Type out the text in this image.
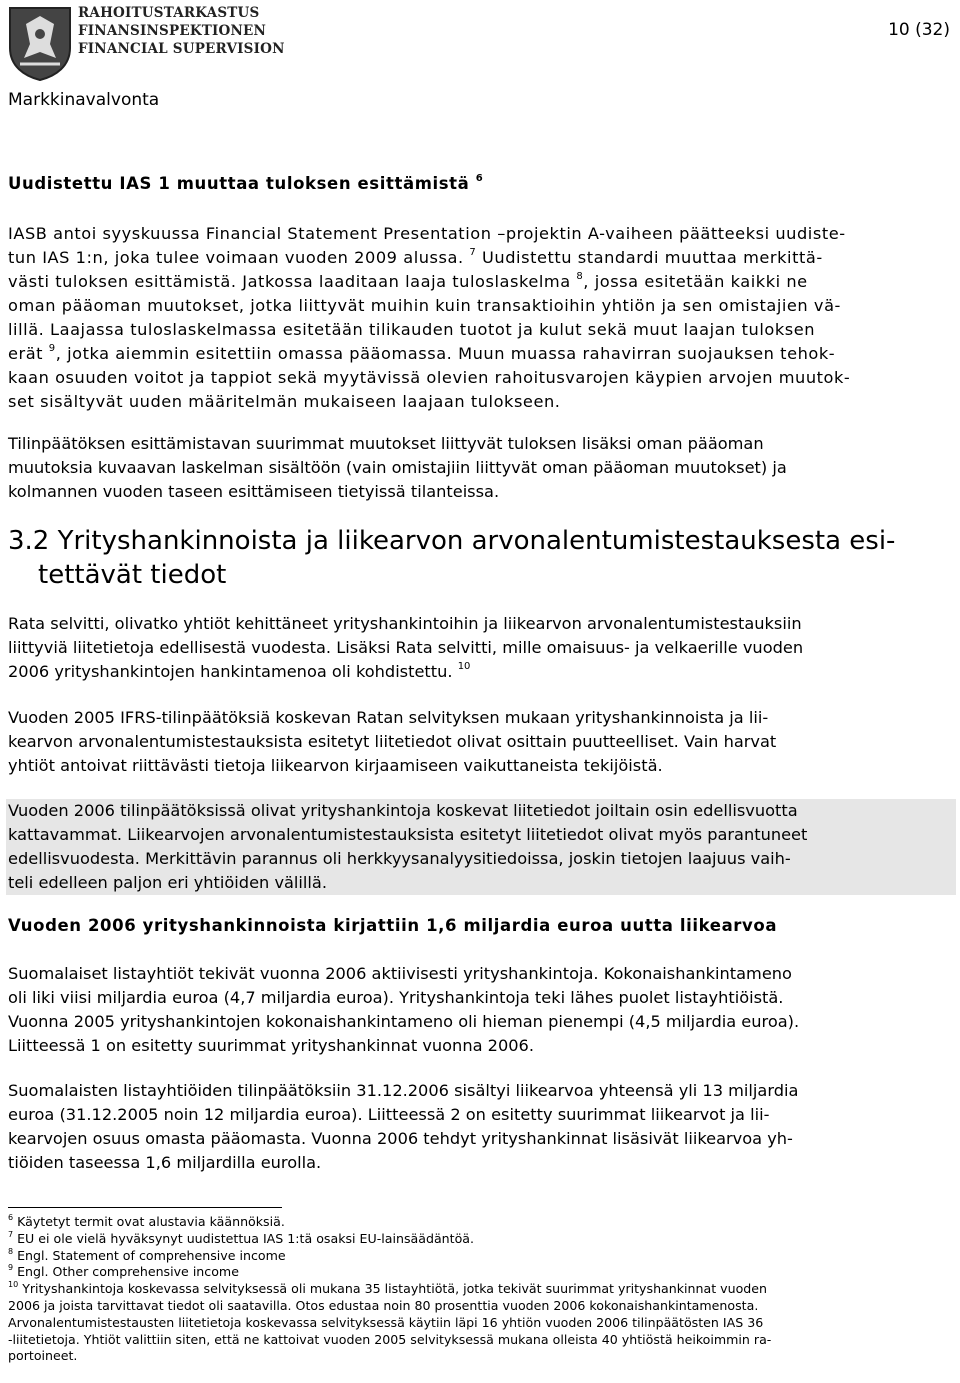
RAHOITUSTARKASTUS
FINANSINSPEKTIONEN
FINANCIAL SUPERVISION
10 (32)
Markkinavalvonta
Uudistettu IAS 1 muuttaa tuloksen esittämistä $^6$

IASB antoi syyskuussa Financial Statement Presentation –projektin A-vaiheen päätteeksi uudiste-
tun IAS 1:n, joka tulee voimaan vuoden 2009 alussa. $^7$ Uudistettu standardi muuttaa merkittä-
västi tuloksen esittämistä. Jatkossa laaditaan laaja tuloslaskelma $^8$, jossa esitetään kaikki ne
oman pääoman muutokset, jotka liittyvät muihin kuin transaktioihin yhtiön ja sen omistajien vä-
lillä. Laajassa tuloslaskelmassa esitetään tilikauden tuotot ja kulut sekä muut laajan tuloksen
erät $^9$, jotka aiemmin esitettiin omassa pääomassa. Muun muassa rahavirran suojauksen tehok-
kaan osuuden voitot ja tappiot sekä myytävissä olevien rahoitusvarojen käypien arvojen muutok-
set sisältyvät uuden määritelmän mukaiseen laajaan tulokseen.

Tilinpäätöksen esittämistavan suurimmat muutokset liittyvät tuloksen lisäksi oman pääoman
muutoksia kuvaavan laskelman sisältöön (vain omistajiin liittyvät oman pääoman muutokset) ja
kolmannen vuoden taseen esittämiseen tietyissä tilanteissa.

3.2 Yrityshankinnoista ja liikearvon arvonalentumistestauksesta esi-
tettävät tiedot

Rata selvitti, olivatko yhtiöt kehittäneet yrityshankintoihin ja liikearvon arvonalentumistestauksiin
liittyviä liitetietoja edellisestä vuodesta. Lisäksi Rata selvitti, mille omaisuus- ja velkaerille vuoden
2006 yrityshankintojen hankintamenoa oli kohdistettu. $^{10}$

Vuoden 2005 IFRS-tilinpäätöksiä koskevan Ratan selvityksen mukaan yrityshankinnoista ja lii-
kearvon arvonalentumistestauksista esitetyt liitetiedot olivat osittain puutteelliset. Vain harvat
yhtiöt antoivat riittävästi tietoja liikearvon kirjaamiseen vaikuttaneista tekijöistä.

Vuoden 2006 tilinpäätöksissä olivat yrityshankintoja koskevat liitetiedot joiltain osin edellisvuotta
kattavammat. Liikearvojen arvonalentumistestauksista esitetyt liitetiedot olivat myös parantuneet
edellisvuodesta. Merkittävin parannus oli herkkyysanalyysitiedoissa, joskin tietojen laajuus vaih-
teli edelleen paljon eri yhtiöiden välillä.

Vuoden 2006 yrityshankinnoista kirjattiin 1,6 miljardia euroa uutta liikearvoa

Suomalaiset listayhtiöt tekivät vuonna 2006 aktiivisesti yrityshankintoja. Kokonaishankintameno
oli liki viisi miljardia euroa (4,7 miljardia euroa). Yrityshankintoja teki lähes puolet listayhtiöistä.
Vuonna 2005 yrityshankintojen kokonaishankintameno oli hieman pienempi (4,5 miljardia euroa).
Liitteessä 1 on esitetty suurimmat yrityshankinnat vuonna 2006.

Suomalaisten listayhtiöiden tilinpäätöksiin 31.12.2006 sisältyi liikearvoa yhteensä yli 13 miljardia
euroa (31.12.2005 noin 12 miljardia euroa). Liitteessä 2 on esitetty suurimmat liikearvot ja lii-
kearvojen osuus omasta pääomasta. Vuonna 2006 tehdyt yrityshankinnat lisäsivät liikearvoa yh-
tiöiden taseessa 1,6 miljardilla eurolla.

$^6$ Käytetyt termit ovat alustavia käännöksiä.
$^7$ EU ei ole vielä hyväksynyt uudistettua IAS 1:tä osaksi EU-lainsäädäntöä.
$^8$ Engl. Statement of comprehensive income
$^9$ Engl. Other comprehensive income
$^{10}$ Yrityshankintoja koskevassa selvityksessä oli mukana 35 listayhtiötä, jotka tekivät suurimmat yrityshankinnat vuoden
2006 ja joista tarvittavat tiedot oli saatavilla. Otos edustaa noin 80 prosenttia vuoden 2006 kokonaishankintamenosta.
Arvonalentumistestausten liitetietoja koskevassa selvityksessä käytiin läpi 16 yhtiön vuoden 2006 tilinpäätösten IAS 36
-liitetietoja. Yhtiöt valittiin siten, että ne kattoivat vuoden 2005 selvityksessä mukana olleista 40 yhtiöstä heikoimmin ra-
portoineet.
